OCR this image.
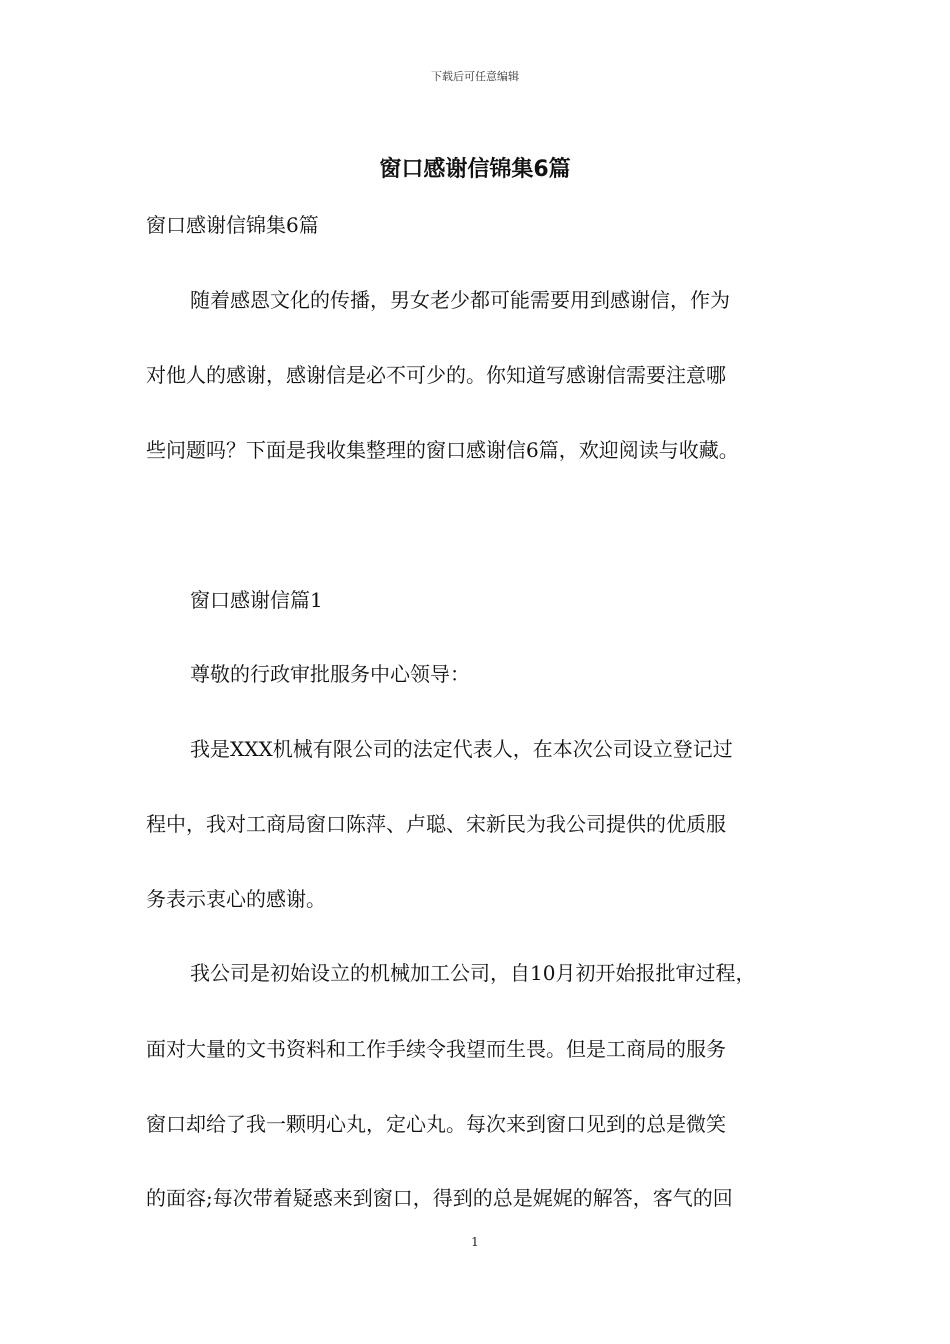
下载后可任意编辑
窗口感谢信锦集6篇
窗口感谢信锦集6篇
随着感恩文化的传播，男女老少都可能需要用到感谢信，作为
对他人的感谢，感谢信是必不可少的。你知道写感谢信需要注意哪
些问题吗？下面是我收集整理的窗口感谢信6篇，欢迎阅读与收藏。
窗口感谢信篇1
尊敬的行政审批服务中心领导：
我是XXX机械有限公司的法定代表人，在本次公司设立登记过
程中，我对工商局窗口陈萍、卢聪、宋新民为我公司提供的优质服
务表示衷心的感谢。
我公司是初始设立的机械加工公司，自10月初开始报批审过程，
面对大量的文书资料和工作手续令我望而生畏。但是工商局的服务
窗口却给了我一颗明心丸，定心丸。每次来到窗口见到的总是微笑
的面容;每次带着疑惑来到窗口，得到的总是娓娓的解答，客气的回
1
